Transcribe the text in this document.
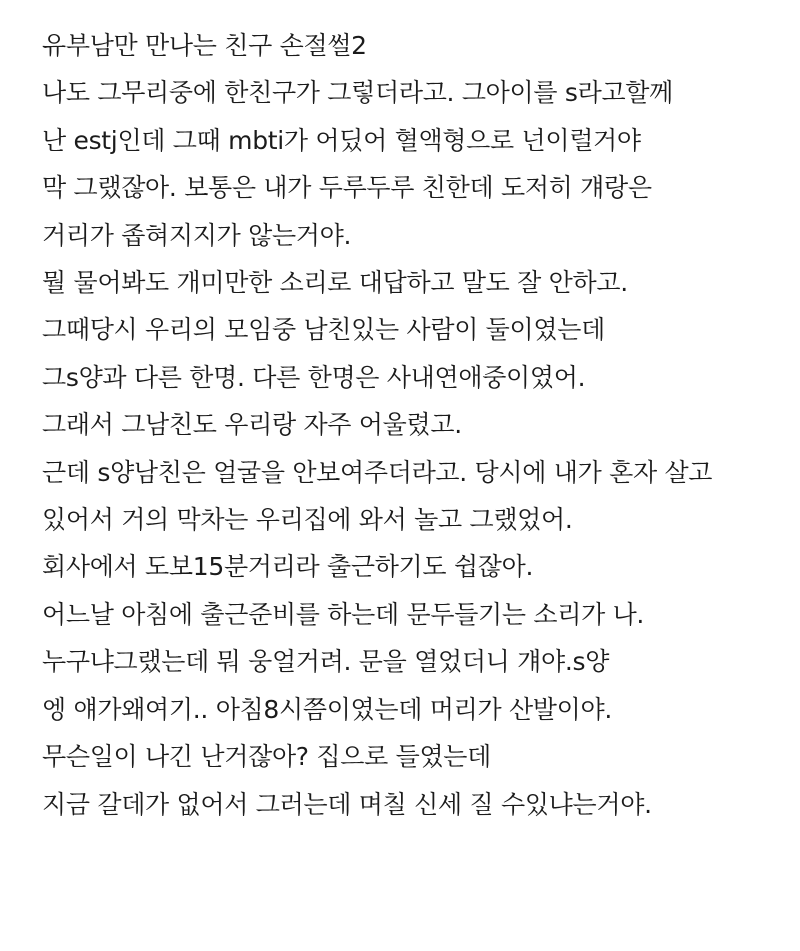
유부남만 만나는 친구 손절썰2
나도 그무리중에 한친구가 그렇더라고. 그아이를 s라고할께
난 estj인데 그때 mbti가 어딨어 혈액형으로 넌이럴거야
막 그랬잖아. 보통은 내가 두루두루 친한데 도저히 걔랑은
거리가 좁혀지지가 않는거야.
뭘 물어봐도 개미만한 소리로 대답하고 말도 잘 안하고.
그때당시 우리의 모임중 남친있는 사람이 둘이였는데
그s양과 다른 한명. 다른 한명은 사내연애중이였어.
그래서 그남친도 우리랑 자주 어울렸고.
근데 s양남친은 얼굴을 안보여주더라고. 당시에 내가 혼자 살고
있어서 거의 막차는 우리집에 와서 놀고 그랬었어.
회사에서 도보15분거리라 출근하기도 쉽잖아.
어느날 아침에 출근준비를 하는데 문두들기는 소리가 나.
누구냐그랬는데 뭐 웅얼거려. 문을 열었더니 걔야.s양
엥 얘가왜여기.. 아침8시쯤이였는데 머리가 산발이야.
무슨일이 나긴 난거잖아? 집으로 들였는데
지금 갈데가 없어서 그러는데 며칠 신세 질 수있냐는거야.
